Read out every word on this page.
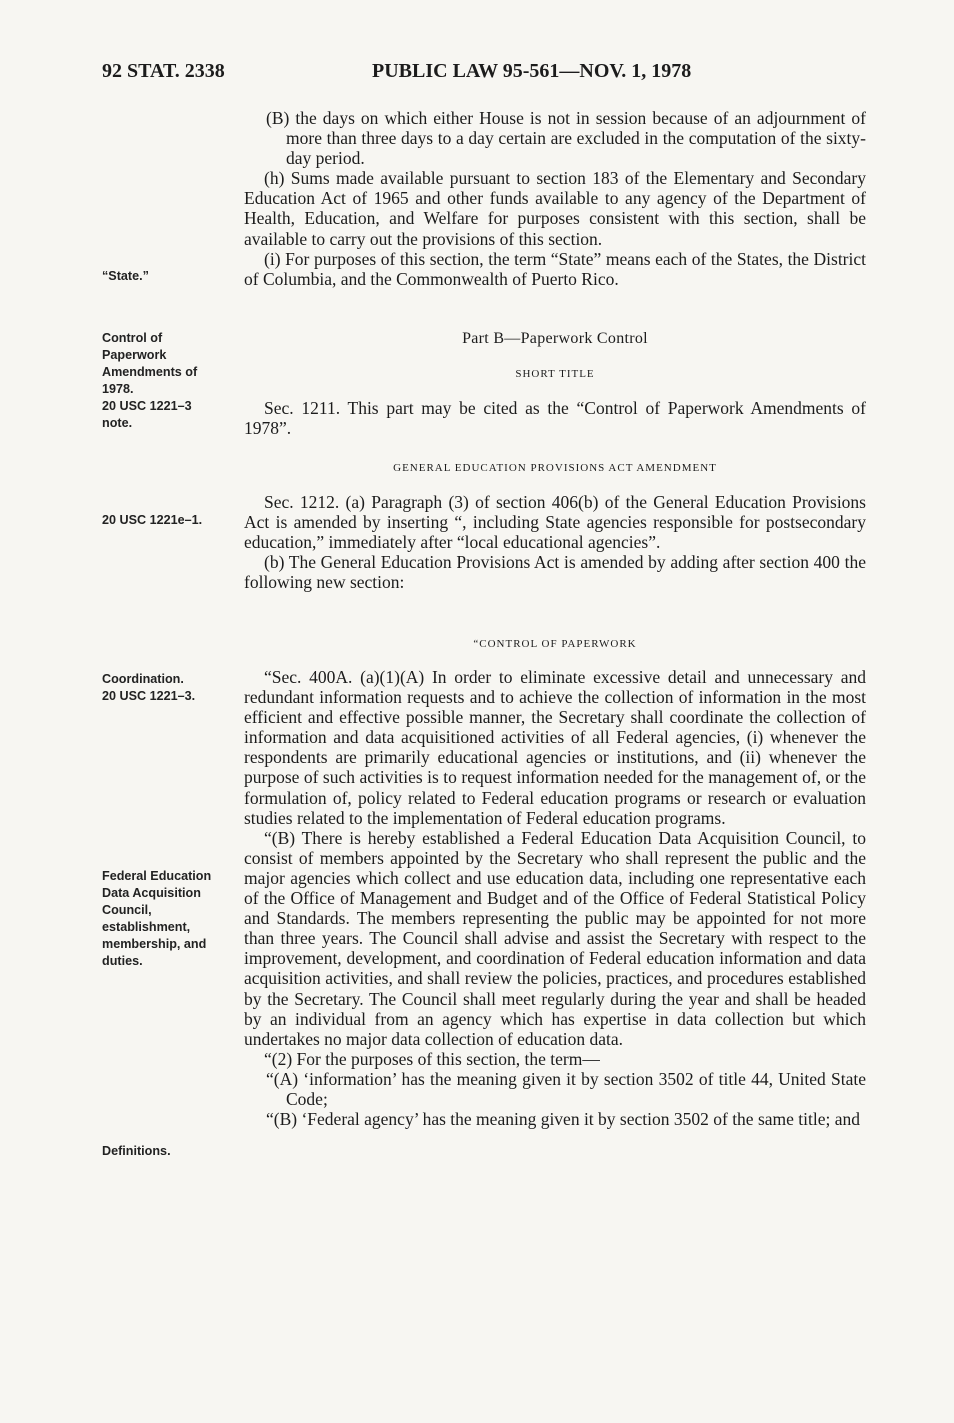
92 STAT. 2338	PUBLIC LAW 95-561—NOV. 1, 1978
“State.”
Control of
Paperwork
Amendments of
1978.
20 USC 1221–3
note.
20 USC 1221e–1.
Coordination.
20 USC 1221–3.
Federal Education
Data Acquisition
Council,
establishment,
membership, and
duties.
Definitions.

(B) the days on which either House is not in session because of an adjournment of more than three days to a day certain are excluded in the computation of the sixty-day period.

(h) Sums made available pursuant to section 183 of the Elementary and Secondary Education Act of 1965 and other funds available to any agency of the Department of Health, Education, and Welfare for purposes consistent with this section, shall be available to carry out the provisions of this section.

(i) For purposes of this section, the term “State” means each of the States, the District of Columbia, and the Commonwealth of Puerto Rico.

Part B—Paperwork Control
SHORT TITLE

Sec. 1211. This part may be cited as the “Control of Paperwork Amendments of 1978”.

GENERAL EDUCATION PROVISIONS ACT AMENDMENT

Sec. 1212. (a) Paragraph (3) of section 406(b) of the General Education Provisions Act is amended by inserting “, including State agencies responsible for postsecondary education,” immediately after “local educational agencies”.

(b) The General Education Provisions Act is amended by adding after section 400 the following new section:

“CONTROL OF PAPERWORK

“Sec. 400A. (a)(1)(A) In order to eliminate excessive detail and unnecessary and redundant information requests and to achieve the collection of information in the most efficient and effective possible manner, the Secretary shall coordinate the collection of information and data acquisitioned activities of all Federal agencies, (i) whenever the respondents are primarily educational agencies or institutions, and (ii) whenever the purpose of such activities is to request information needed for the management of, or the formulation of, policy related to Federal education programs or research or evaluation studies related to the implementation of Federal education programs.

“(B) There is hereby established a Federal Education Data Acquisition Council, to consist of members appointed by the Secretary who shall represent the public and the major agencies which collect and use education data, including one representative each of the Office of Management and Budget and of the Office of Federal Statistical Policy and Standards. The members representing the public may be appointed for not more than three years. The Council shall advise and assist the Secretary with respect to the improvement, development, and coordination of Federal education information and data acquisition activities, and shall review the policies, practices, and procedures established by the Secretary. The Council shall meet regularly during the year and shall be headed by an individual from an agency which has expertise in data collection but which undertakes no major data collection of education data.

“(2) For the purposes of this section, the term—

“(A) ‘information’ has the meaning given it by section 3502 of title 44, United State Code;

“(B) ‘Federal agency’ has the meaning given it by section 3502 of the same title; and
